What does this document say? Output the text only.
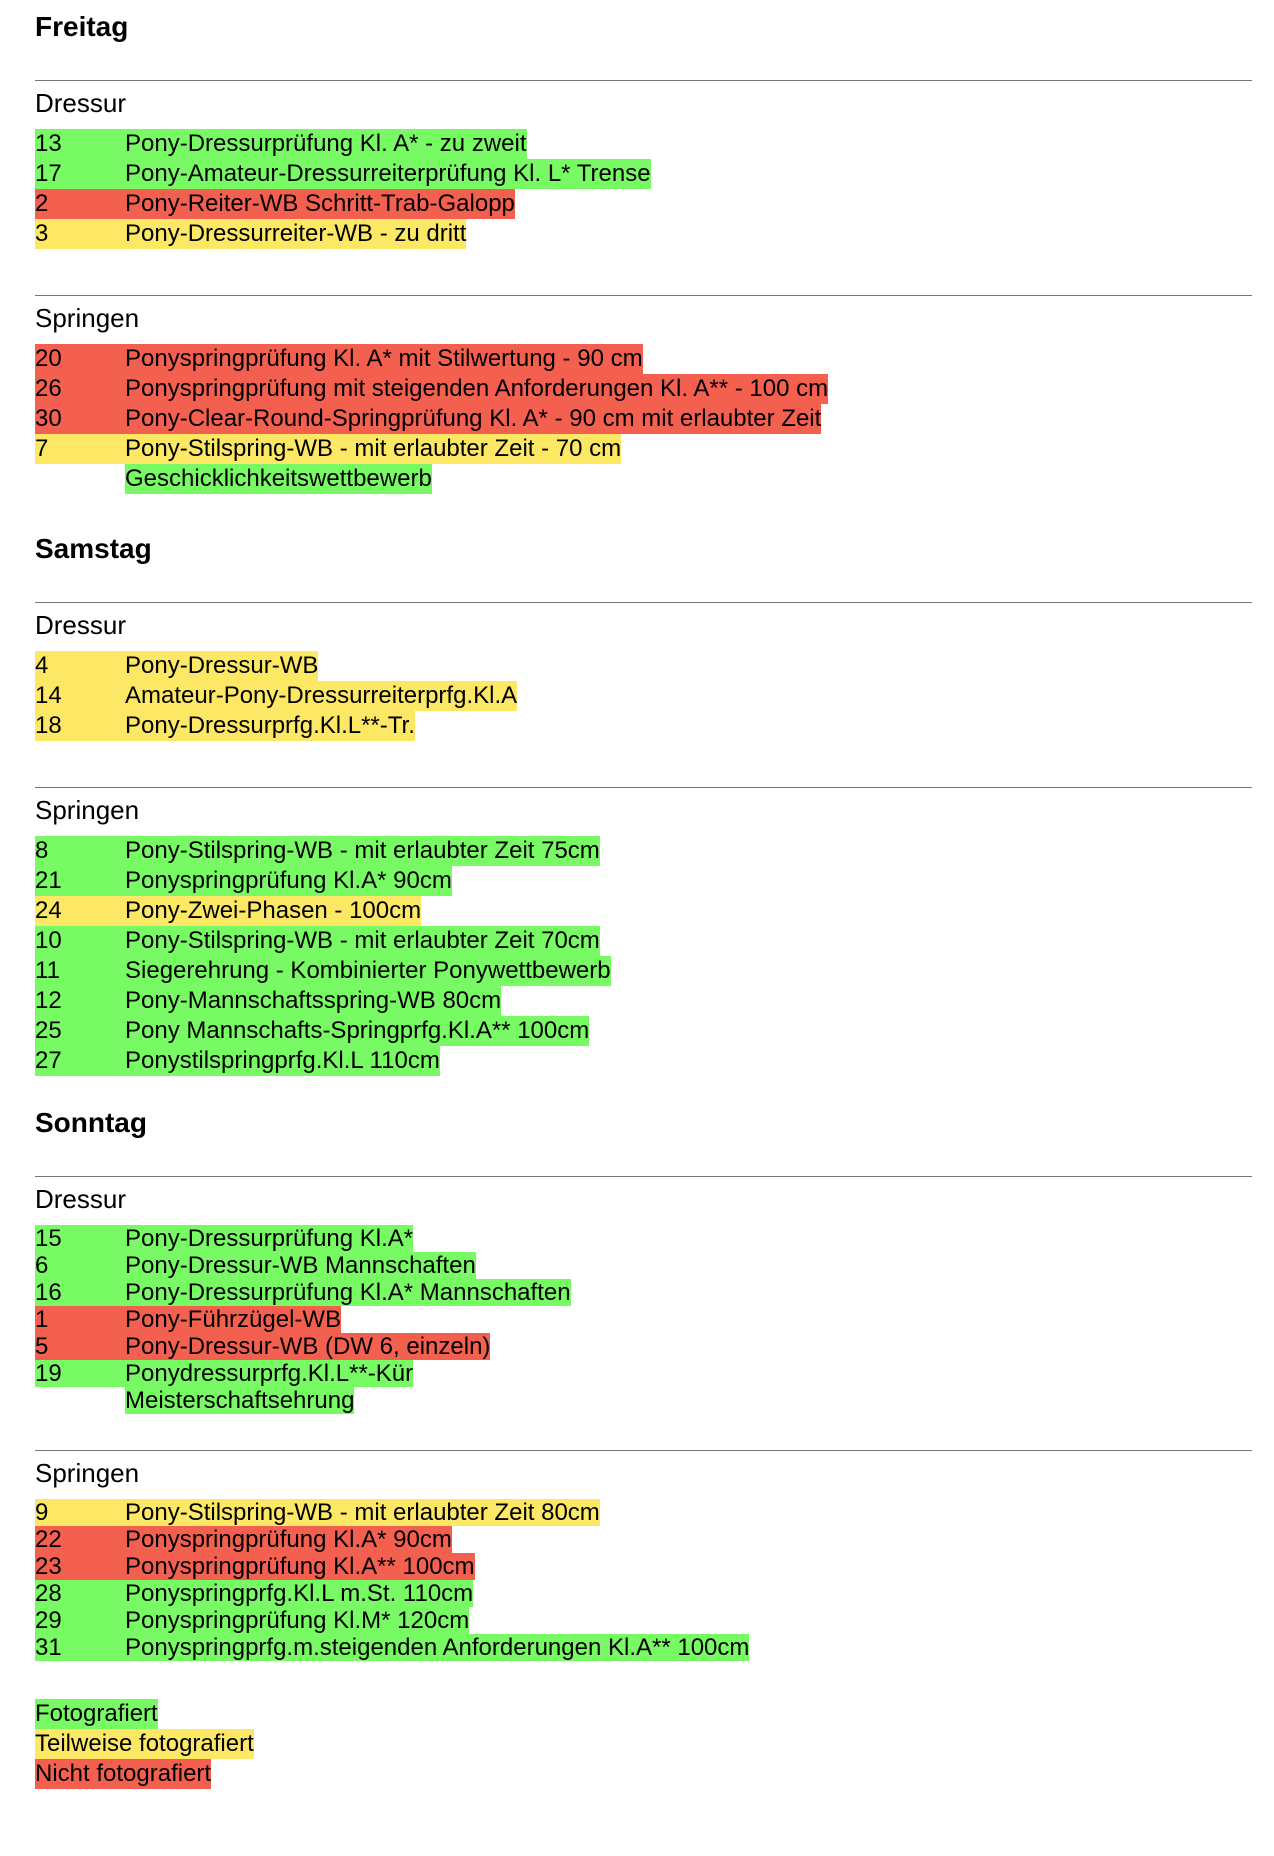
Freitag
Dressur
13	Pony-Dressurprüfung Kl. A* - zu zweit
17	Pony-Amateur-Dressurreiterprüfung Kl. L* Trense
2	Pony-Reiter-WB Schritt-Trab-Galopp
3	Pony-Dressurreiter-WB - zu dritt
Springen
20	Ponyspringprüfung Kl. A* mit Stilwertung - 90 cm
26	Ponyspringprüfung mit steigenden Anforderungen Kl. A** - 100 cm
30	Pony-Clear-Round-Springprüfung Kl. A* - 90 cm mit erlaubter Zeit
7	Pony-Stilspring-WB - mit erlaubter Zeit - 70 cm
Geschicklichkeitswettbewerb
Samstag
Dressur
4	Pony-Dressur-WB
14	Amateur-Pony-Dressurreiterprfg.Kl.A
18	Pony-Dressurprfg.Kl.L**-Tr.
Springen
8	Pony-Stilspring-WB - mit erlaubter Zeit 75cm
21	Ponyspringprüfung Kl.A* 90cm
24	Pony-Zwei-Phasen - 100cm
10	Pony-Stilspring-WB - mit erlaubter Zeit 70cm
11	Siegerehrung - Kombinierter Ponywettbewerb
12	Pony-Mannschaftsspring-WB 80cm
25	Pony Mannschafts-Springprfg.Kl.A** 100cm
27	Ponystilspringprfg.Kl.L 110cm
Sonntag
Dressur
15	Pony-Dressurprüfung Kl.A*
6	Pony-Dressur-WB Mannschaften
16	Pony-Dressurprüfung Kl.A* Mannschaften
1	Pony-Führzügel-WB
5	Pony-Dressur-WB (DW 6, einzeln)
19	Ponydressurprfg.Kl.L**-Kür
Meisterschaftsehrung
Springen
9	Pony-Stilspring-WB - mit erlaubter Zeit 80cm
22	Ponyspringprüfung Kl.A* 90cm
23	Ponyspringprüfung Kl.A** 100cm
28	Ponyspringprfg.Kl.L m.St. 110cm
29	Ponyspringprüfung Kl.M* 120cm
31	Ponyspringprfg.m.steigenden Anforderungen Kl.A** 100cm
Fotografiert
Teilweise fotografiert
Nicht fotografiert
